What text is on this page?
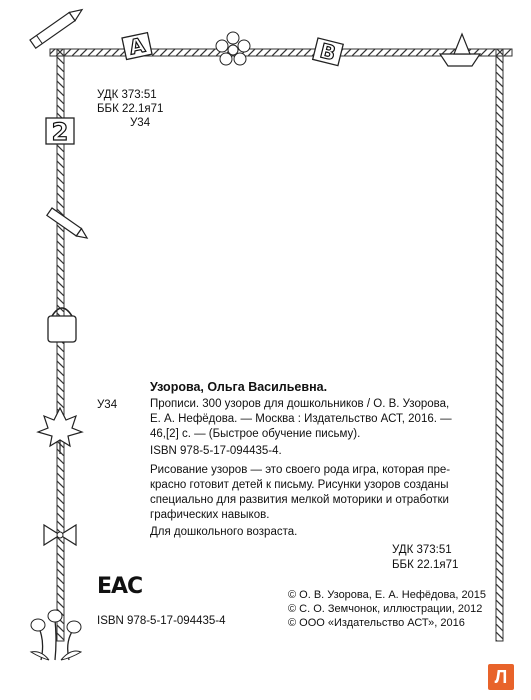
А	В
2
УДК 373:51
ББК 22.1я71
У34
У34
Узорова, Ольга Васильевна.
Прописи. 300 узоров для дошкольников / О. В. Узорова,
Е. А. Нефёдова. — Москва : Издательство АСТ, 2016. —
46,[2] с. — (Быстрое обучение письму).
ISBN 978-5-17-094435-4.
Рисование узоров — это своего рода игра, которая пре-
красно готовит детей к письму. Рисунки узоров созданы
специально для развития мелкой моторики и отработки
графических навыков.
Для дошкольного возраста.
УДК 373:51
ББК 22.1я71
ЕАС
ISBN 978-5-17-094435-4
© О. В. Узорова, Е. А. Нефёдова, 2015
© С. О. Земчонок, иллюстрации, 2012
© ООО «Издательство АСТ», 2016
Л
